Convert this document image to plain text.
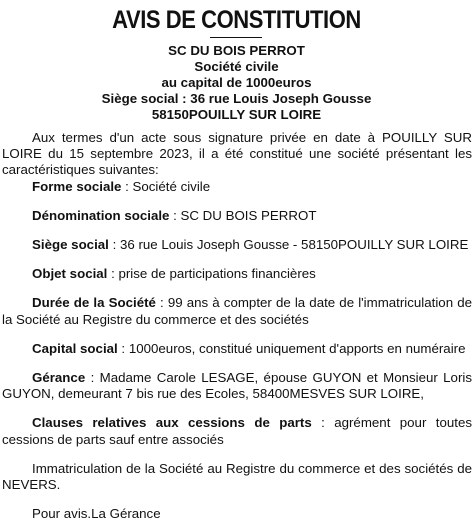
AVIS DE CONSTITUTION
SC DU BOIS PERROT
Société civile
au capital de 1000euros
Siège social : 36 rue Louis Joseph Gousse
58150POUILLY SUR LOIRE

Aux termes d'un acte sous signature privée en date à POUILLY SUR LOIRE du 15 septembre 2023, il a été constitué une société présentant les caractéristiques suivantes:

Forme sociale : Société civile

Dénomination sociale : SC DU BOIS PERROT

Siège social : 36 rue Louis Joseph Gousse - 58150POUILLY SUR LOIRE

Objet social : prise de participations financières

Durée de la Société : 99 ans à compter de la date de l'immatriculation de la Société au Registre du commerce et des sociétés

Capital social : 1000euros, constitué uniquement d'apports en numéraire

Gérance : Madame Carole LESAGE, épouse GUYON et Monsieur Loris GUYON, demeurant 7 bis rue des Ecoles, 58400MESVES SUR LOIRE,

Clauses relatives aux cessions de parts : agrément pour toutes cessions de parts sauf entre associés

Immatriculation de la Société au Registre du commerce et des sociétés de NEVERS.

Pour avis.La Gérance
